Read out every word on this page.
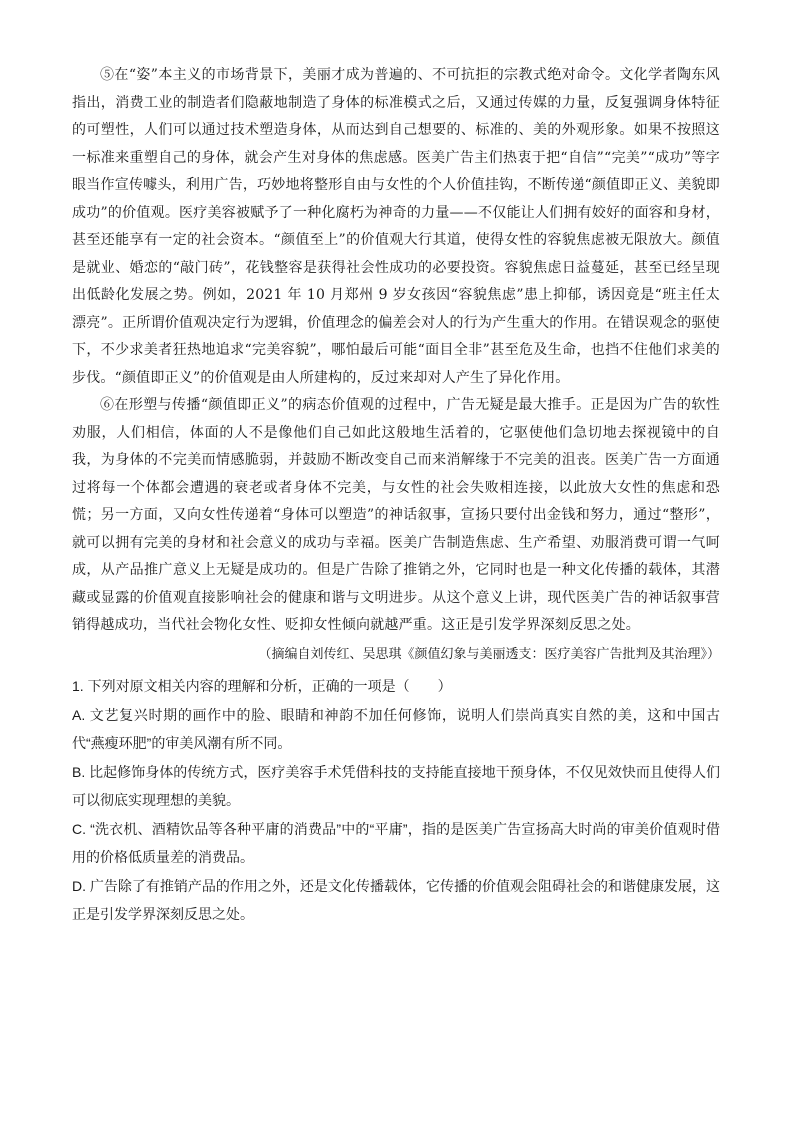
⑤在“姿”本主义的市场背景下，美丽才成为普遍的、不可抗拒的宗教式绝对命令。文化学者陶东风指出，消费工业的制造者们隐蔽地制造了身体的标准模式之后，又通过传媒的力量，反复强调身体特征的可塑性，人们可以通过技术塑造身体，从而达到自己想要的、标准的、美的外观形象。如果不按照这一标准来重塑自己的身体，就会产生对身体的焦虑感。医美广告主们热衷于把“自信”“完美”“成功”等字眼当作宣传噱头，利用广告，巧妙地将整形自由与女性的个人价值挂钩，不断传递“颜值即正义、美貌即成功”的价值观。医疗美容被赋予了一种化腐朽为神奇的力量——不仅能让人们拥有姣好的面容和身材，甚至还能享有一定的社会资本。“颜值至上”的价值观大行其道，使得女性的容貌焦虑被无限放大。颜值是就业、婚恋的“敲门砖”，花钱整容是获得社会性成功的必要投资。容貌焦虑日益蔓延，甚至已经呈现出低龄化发展之势。例如，2021 年 10 月郑州 9 岁女孩因“容貌焦虑”患上抑郁，诱因竟是“班主任太漂亮”。正所谓价值观决定行为逻辑，价值理念的偏差会对人的行为产生重大的作用。在错误观念的驱使下，不少求美者狂热地追求“完美容貌”，哪怕最后可能“面目全非”甚至危及生命，也挡不住他们求美的步伐。“颜值即正义”的价值观是由人所建构的，反过来却对人产生了异化作用。

⑥在形塑与传播“颜值即正义”的病态价值观的过程中，广告无疑是最大推手。正是因为广告的软性劝服，人们相信，体面的人不是像他们自己如此这般地生活着的，它驱使他们急切地去探视镜中的自我，为身体的不完美而情感脆弱，并鼓励不断改变自己而来消解缘于不完美的沮丧。医美广告一方面通过将每一个体都会遭遇的衰老或者身体不完美，与女性的社会失败相连接，以此放大女性的焦虑和恐慌；另一方面，又向女性传递着“身体可以塑造”的神话叙事，宣扬只要付出金钱和努力，通过“整形”，就可以拥有完美的身材和社会意义的成功与幸福。医美广告制造焦虑、生产希望、劝服消费可谓一气呵成，从产品推广意义上无疑是成功的。但是广告除了推销之外，它同时也是一种文化传播的载体，其潜藏或显露的价值观直接影响社会的健康和谐与文明进步。从这个意义上讲，现代医美广告的神话叙事营销得越成功，当代社会物化女性、贬抑女性倾向就越严重。这正是引发学界深刻反思之处。

（摘编自刘传红、吴思琪《颜值幻象与美丽透支：医疗美容广告批判及其治理》）

1. 下列对原文相关内容的理解和分析，正确的一项是（　　）

A. 文艺复兴时期的画作中的脸、眼睛和神韵不加任何修饰，说明人们崇尚真实自然的美，这和中国古代“燕瘦环肥”的审美风潮有所不同。

B. 比起修饰身体的传统方式，医疗美容手术凭借科技的支持能直接地干预身体，不仅见效快而且使得人们可以彻底实现理想的美貌。

C. “洗衣机、酒精饮品等各种平庸的消费品”中的“平庸”，指的是医美广告宣扬高大时尚的审美价值观时借用的价格低质量差的消费品。

D. 广告除了有推销产品的作用之外，还是文化传播载体，它传播的价值观会阻碍社会的和谐健康发展，这正是引发学界深刻反思之处。
